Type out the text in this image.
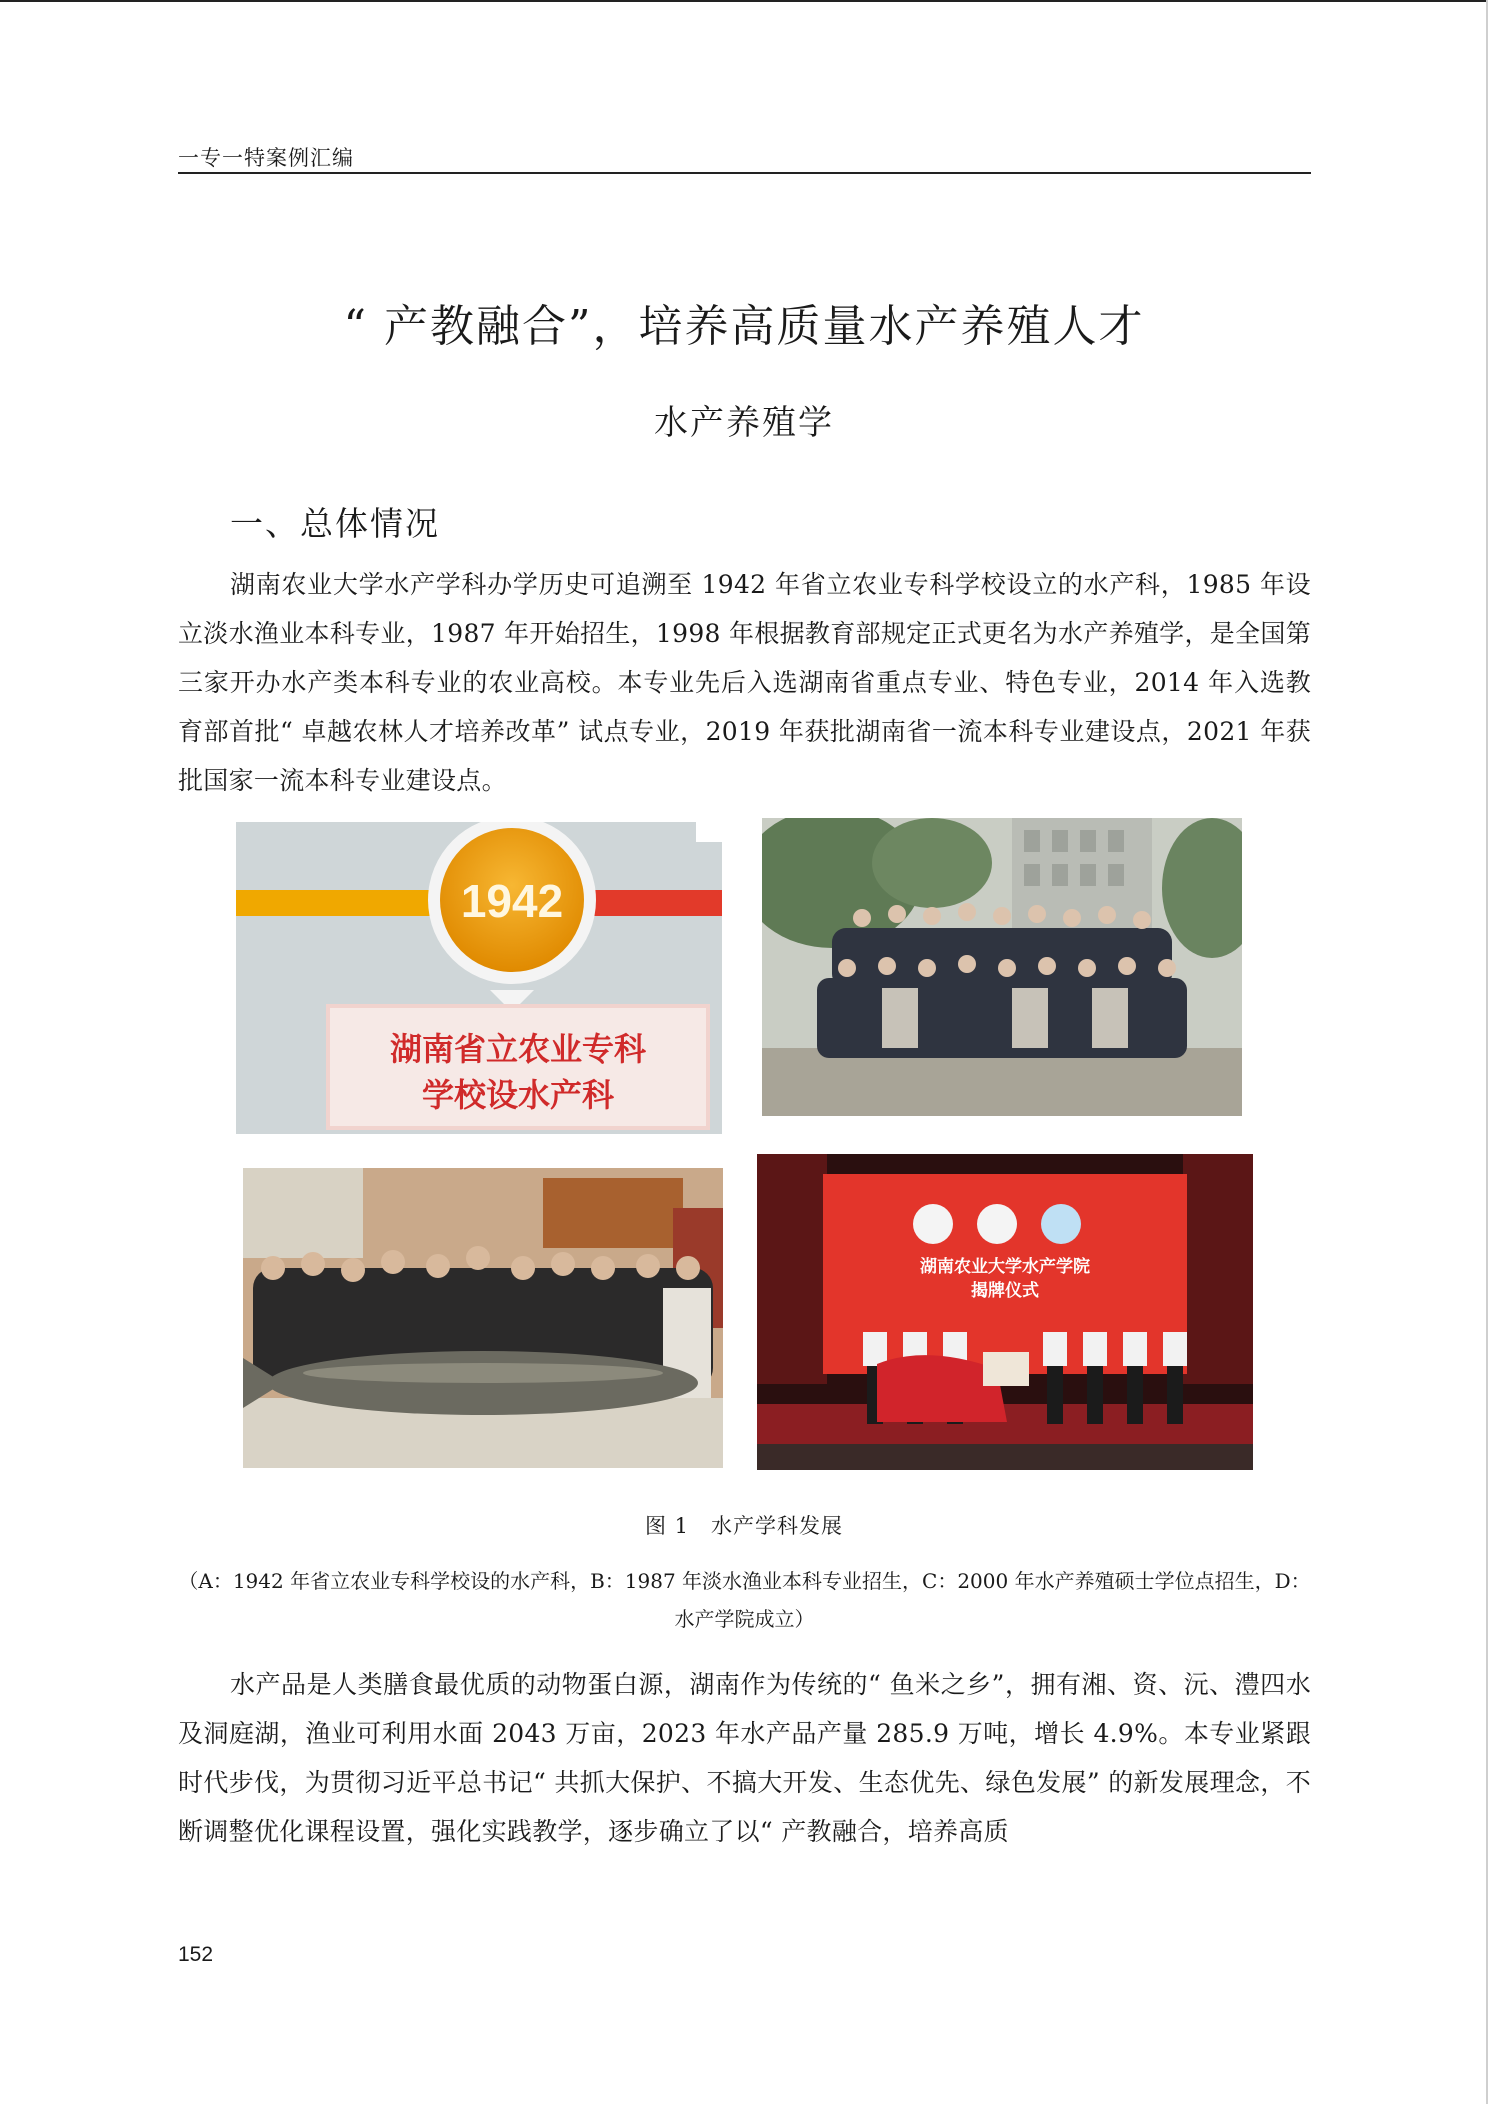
一专一特案例汇编
“ 产教融合”，培养高质量水产养殖人才
水产养殖学
一、总体情况
湖南农业大学水产学科办学历史可追溯至 1942 年省立农业专科学校设立的水产科，1985 年设立淡水渔业本科专业，1987 年开始招生，1998 年根据教育部规定正式更名为水产养殖学，是全国第三家开办水产类本科专业的农业高校。本专业先后入选湖南省重点专业、特色专业，2014 年入选教育部首批“ 卓越农林人才培养改革” 试点专业，2019 年获批湖南省一流本科专业建设点，2021 年获批国家一流本科专业建设点。
1942
湖南省立农业专科
学校设水产科
湖南农业大学水产学院
揭牌仪式
图 1　水产学科发展
（A：1942 年省立农业专科学校设的水产科，B：1987 年淡水渔业本科专业招生，C：2000 年水产养殖硕士学位点招生，D：水产学院成立）
水产品是人类膳食最优质的动物蛋白源，湖南作为传统的“ 鱼米之乡”，拥有湘、资、沅、澧四水及洞庭湖，渔业可利用水面 2043 万亩，2023 年水产品产量 285.9 万吨，增长 4.9%。本专业紧跟时代步伐，为贯彻习近平总书记“ 共抓大保护、不搞大开发、生态优先、绿色发展” 的新发展理念，不断调整优化课程设置，强化实践教学，逐步确立了以“ 产教融合，培养高质
152
